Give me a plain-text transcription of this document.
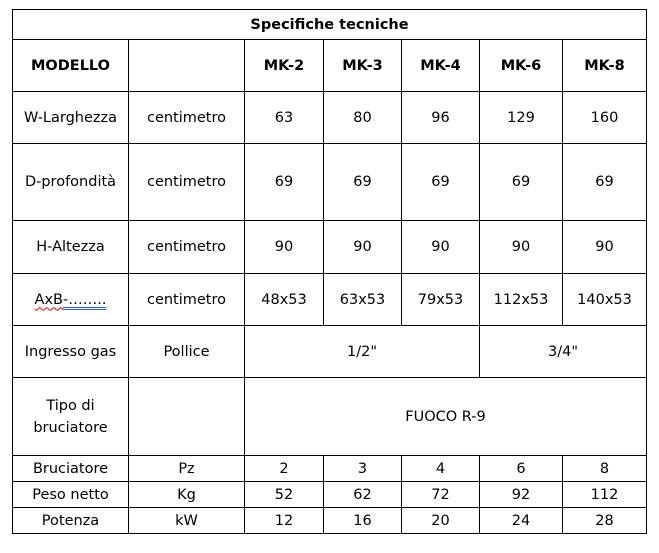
Specifiche tecniche						
MODELLO		MK-2	MK-3	MK-4	MK-6	MK-8
W-Larghezza	centimetro	63	80	96	129	160
D-profondità	centimetro	69	69	69	69	69
H-Altezza	centimetro	90	90	90	90	90
AxB-……..	centimetro	48x53	63x53	79x53	112x53	140x53
Ingresso gas	Pollice	1/2"			3/4"	
Tipo di bruciatore		FUOCO R-9				
Bruciatore	Pz	2	3	4	6	8
Peso netto	Kg	52	62	72	92	112
Potenza	kW	12	16	20	24	28
